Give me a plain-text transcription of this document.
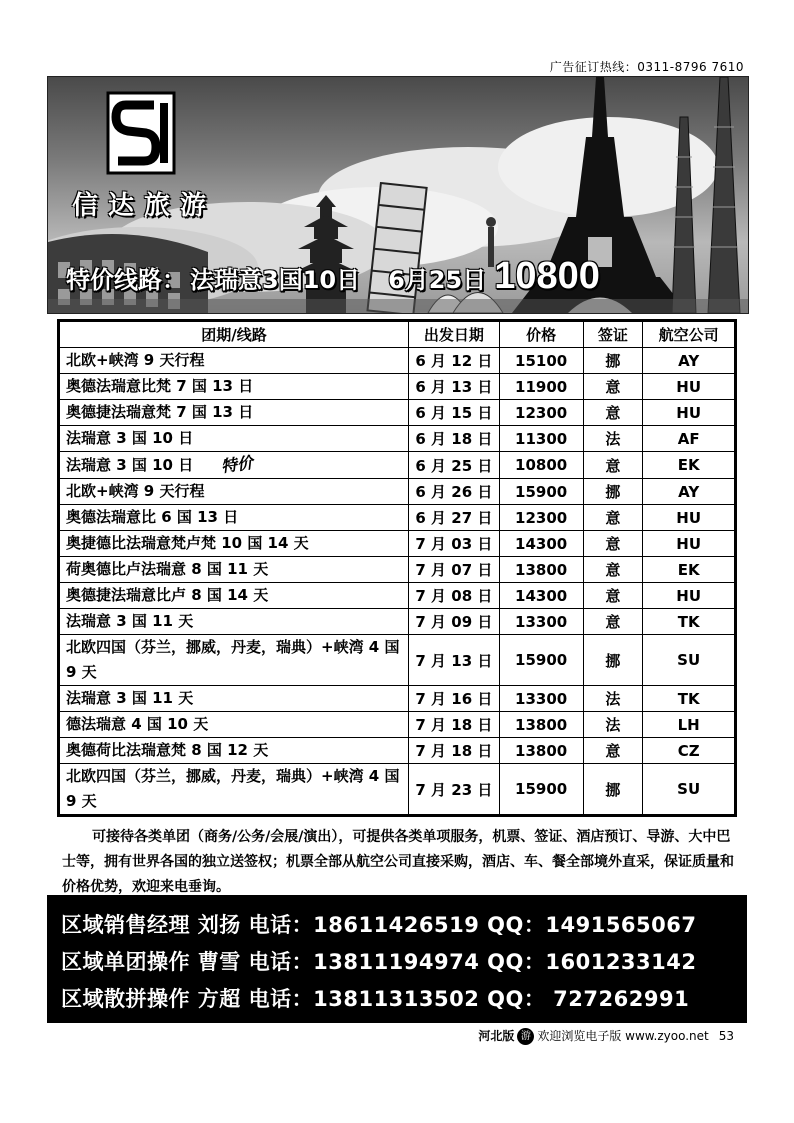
广告征订热线：0311-8796 7610
信达旅游
特价线路： 法瑞意3国10日 6月25日 10800
团期/线路	出发日期	价格	签证	航空公司
北欧+峡湾 9 天行程	6 月 12 日	15100	挪	AY
奥德法瑞意比梵 7 国 13 日	6 月 13 日	11900	意	HU
奥德捷法瑞意梵 7 国 13 日	6 月 15 日	12300	意	HU
法瑞意 3 国 10 日	6 月 18 日	11300	法	AF
法瑞意 3 国 10 日 特价	6 月 25 日	10800	意	EK
北欧+峡湾 9 天行程	6 月 26 日	15900	挪	AY
奥德法瑞意比 6 国 13 日	6 月 27 日	12300	意	HU
奥捷德比法瑞意梵卢梵 10 国 14 天	7 月 03 日	14300	意	HU
荷奥德比卢法瑞意 8 国 11 天	7 月 07 日	13800	意	EK
奥德捷法瑞意比卢 8 国 14 天	7 月 08 日	14300	意	HU
法瑞意 3 国 11 天	7 月 09 日	13300	意	TK
北欧四国（芬兰，挪威，丹麦，瑞典）+峡湾 4 国 9 天	7 月 13 日	15900	挪	SU
法瑞意 3 国 11 天	7 月 16 日	13300	法	TK
德法瑞意 4 国 10 天	7 月 18 日	13800	法	LH
奥德荷比法瑞意梵 8 国 12 天	7 月 18 日	13800	意	CZ
北欧四国（芬兰，挪威，丹麦，瑞典）+峡湾 4 国 9 天	7 月 23 日	15900	挪	SU
可接待各类单团（商务/公务/会展/演出），可提供各类单项服务，机票、签证、酒店预订、导游、大中巴士等，拥有世界各国的独立送签权；机票全部从航空公司直接采购，酒店、车、餐全部境外直采，保证质量和价格优势，欢迎来电垂询。
区域销售经理 刘扬 电话：18611426519 QQ：1491565067
区域单团操作 曹雪 电话：13811194974 QQ：1601233142
区域散拼操作 方超 电话：13811313502 QQ： 727262991
河北版 游 欢迎浏览电子版 www.zyoo.net 53
